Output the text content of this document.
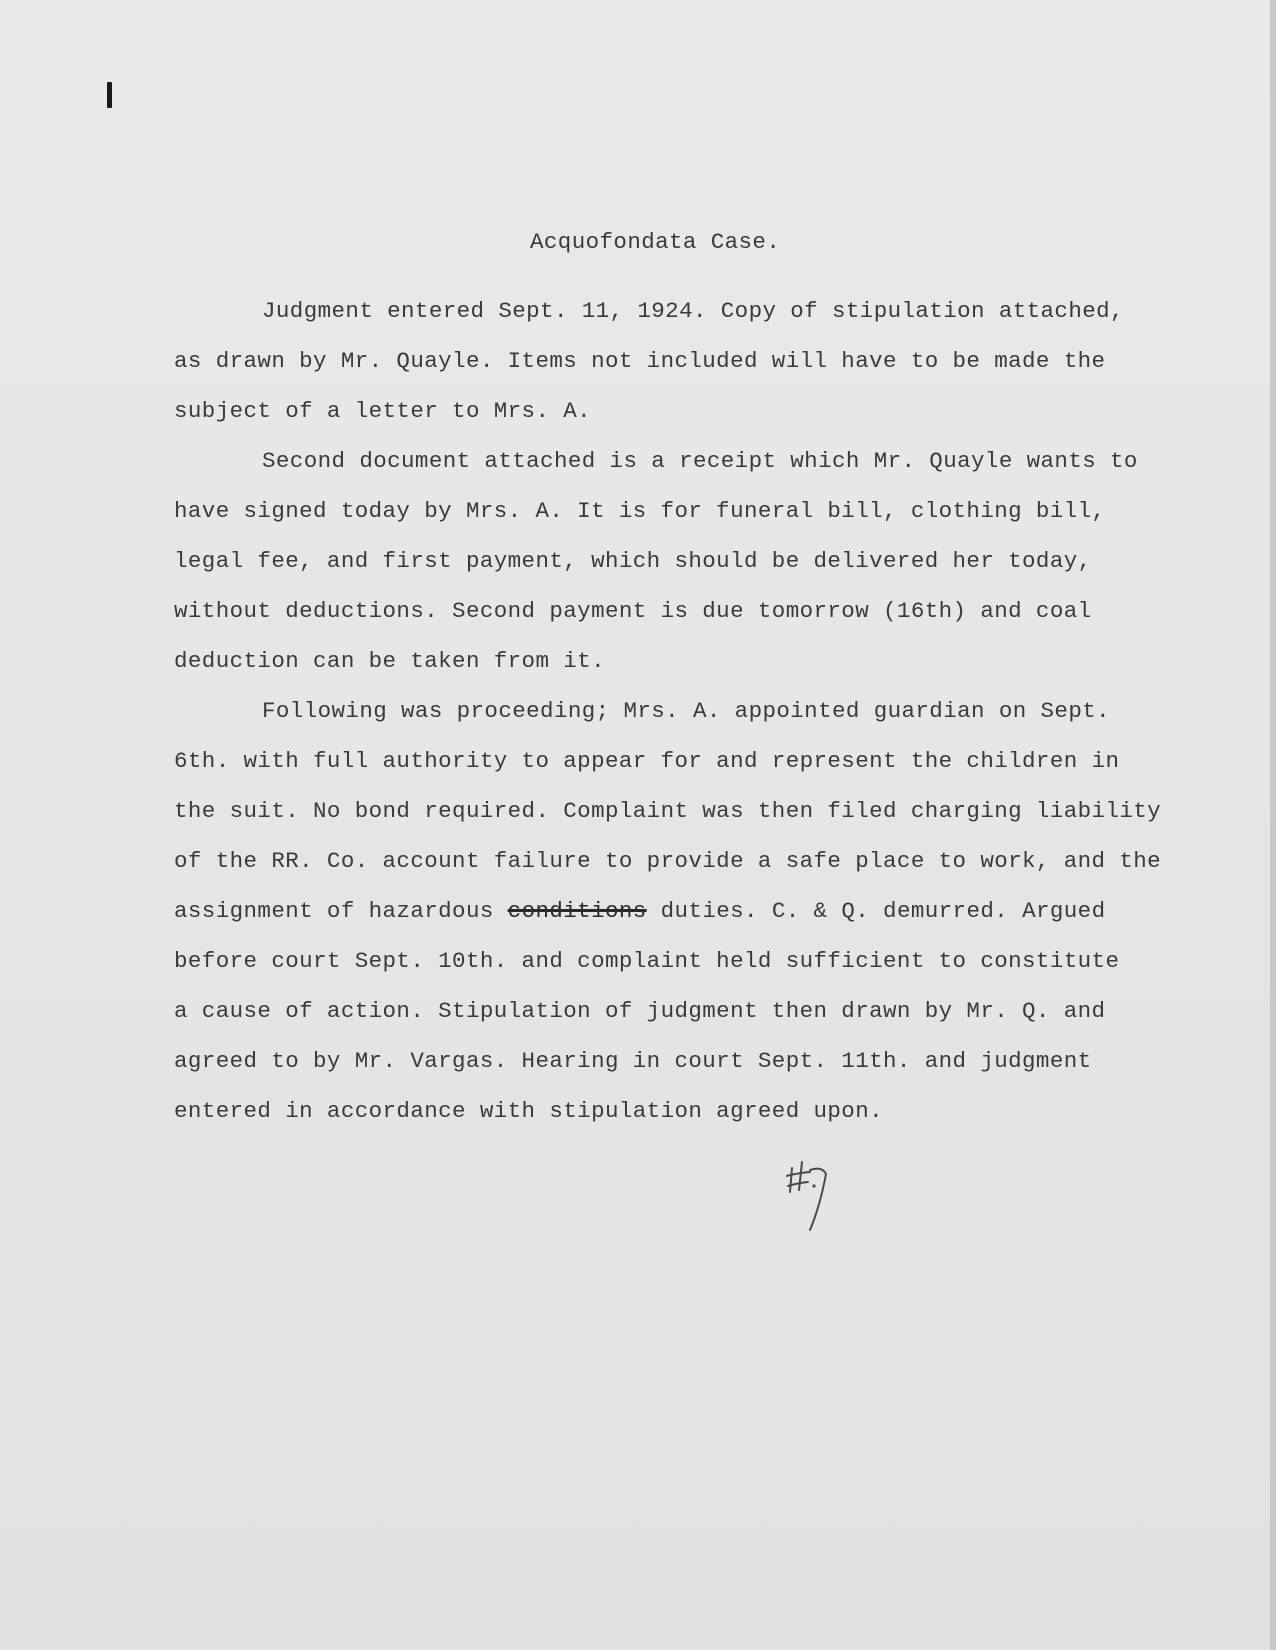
Acquofondata Case.

Judgment entered Sept. 11, 1924. Copy of stipulation attached,
as drawn by Mr. Quayle. Items not included will have to be made the
subject of a letter to Mrs. A.

Second document attached is a receipt which Mr. Quayle wants to
have signed today by Mrs. A. It is for funeral bill, clothing bill,
legal fee, and first payment, which should be delivered her today,
without deductions. Second payment is due tomorrow (16th) and coal
deduction can be taken from it.

Following was proceeding; Mrs. A. appointed guardian on Sept.
6th. with full authority to appear for and represent the children in
the suit. No bond required. Complaint was then filed charging liability
of the RR. Co. account failure to provide a safe place to work, and the
assignment of hazardous conditions duties. C. & Q. demurred. Argued
before court Sept. 10th. and complaint held sufficient to constitute
a cause of action. Stipulation of judgment then drawn by Mr. Q. and
agreed to by Mr. Vargas. Hearing in court Sept. 11th. and judgment
entered in accordance with stipulation agreed upon.
